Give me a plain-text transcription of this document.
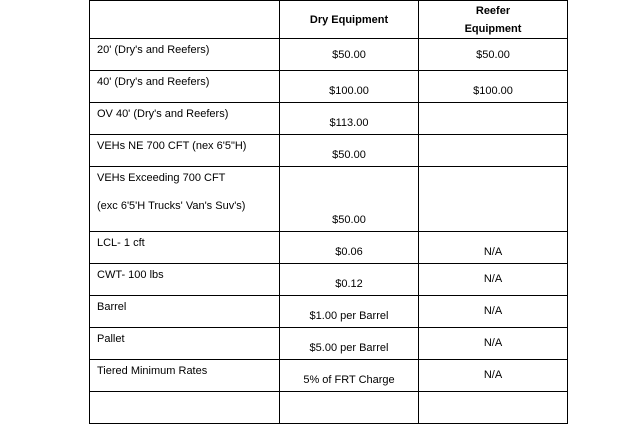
	Dry Equipment	Reefer
Equipment
20' (Dry's and Reefers)	$50.00	$50.00
40' (Dry's and Reefers)	$100.00	$100.00
OV 40' (Dry's and Reefers)	$113.00	
VEHs NE 700 CFT (nex 6'5"H)	$50.00	
VEHs Exceeding 700 CFT
(exc 6'5'H Trucks' Van's Suv's)	$50.00	
LCL- 1 cft	$0.06	N/A
CWT- 100 lbs	$0.12	N/A
Barrel	$1.00 per Barrel	N/A
Pallet	$5.00 per Barrel	N/A
Tiered Minimum Rates	5% of FRT Charge	N/A
